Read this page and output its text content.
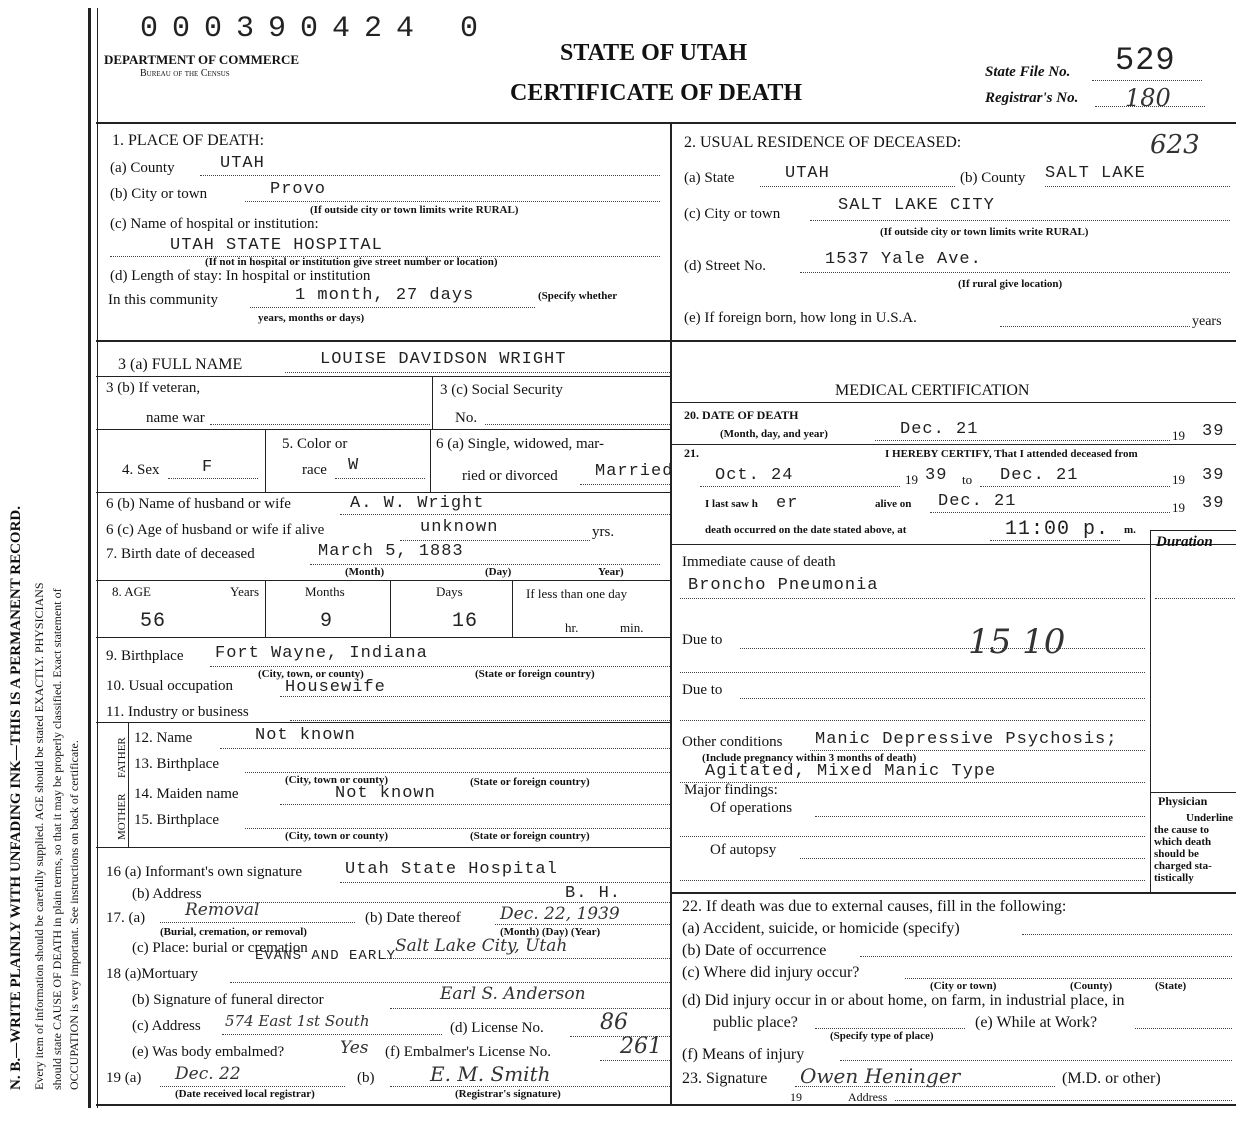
N. B.—WRITE PLAINLY WITH UNFADING INK—THIS IS A PERMANENT RECORD. Every item of information should be carefully supplied. AGE should be stated EXACTLY. PHYSICIANS should state CAUSE OF DEATH in plain terms, so that it may be properly classified. Exact statement of OCCUPATION is very important. See instructions on back of certificate.
000390424 0
DEPARTMENT OF COMMERCE
Bureau of the Census
STATE OF UTAH
CERTIFICATE OF DEATH
State File No. 529
Registrar's No. 180
1. PLACE OF DEATH:
(a) County	UTAH
(b) City or town	Provo
(If outside city or town limits write RURAL)
(c) Name of hospital or institution:
UTAH STATE HOSPITAL
(If not in hospital or institution give street number or location)
(d) Length of stay: In hospital or institution
In this community	1 month, 27 days	(Specify whether
years, months or days)
2. USUAL RESIDENCE OF DECEASED:	623
(a) State	UTAH	(b) County SALT LAKE
(c) City or town	SALT LAKE CITY
(If outside city or town limits write RURAL)
(d) Street No.	1537 Yale Ave.
(If rural give location)
(e) If foreign born, how long in U.S.A.	years
3 (a) FULL NAME	LOUISE DAVIDSON WRIGHT
MEDICAL CERTIFICATION
3 (b) If veteran,
name war
3 (c) Social Security
No.
4. Sex	F
5. Color or
race W
6 (a) Single, widowed, mar-
ried or divorced Married
6 (b) Name of husband or wife	A. W. Wright
6 (c) Age of husband or wife if alive	unknown	yrs.
7. Birth date of deceased	March 5, 1883
(Month)	(Day)	Year)
8. AGE	Years
56
Months
9
Days
16
If less than one day
hr.	min.
9. Birthplace Fort Wayne, Indiana
(City, town, or county)	(State or foreign country)
10. Usual occupation	Housewife
11. Industry or business
FATHER
MOTHER
12. Name	Not known
13. Birthplace
(City, town or county)	(State or foreign country)
14. Maiden name	Not known
15. Birthplace
(City, town or county)	(State or foreign country)
16 (a) Informant's own signature	Utah State Hospital
(b) Address	B. H.
17. (a) Removal
(Burial, cremation, or removal)
(b) Date thereof Dec. 22, 1939
(Month) (Day) (Year)
(c) Place: burial or cremation	Salt Lake City, Utah
EVANS AND EARLY
18 (a)Mortuary
(b) Signature of funeral director	Earl S. Anderson
(c) Address 574 East 1st South	(d) License No.	86
(e) Was body embalmed?	Yes (f) Embalmer's License No.	261
19 (a) Dec. 22
(Date received local registrar)
(b)	E. M. Smith
(Registrar's signature)
20. DATE OF DEATH
(Month, day, and year)	Dec. 21	19 39
21.	I HEREBY CERTIFY, That I attended deceased from
Oct. 24	19 39 to Dec. 21	19 39
I last saw h er	alive on Dec. 21	19 39
death occurred on the date stated above, at	11:00 p. m.
Duration
Immediate cause of death
Broncho Pneumonia
Due to	15 10
Due to
Other conditions Manic Depressive Psychosis;
(Include pregnancy within 3 months of death)
Agitated, Mixed Manic Type
Major findings:
Of operations
Of autopsy
Physician
Underline
the cause to
which death
should be
charged sta-
tistically
22. If death was due to external causes, fill in the following:
(a) Accident, suicide, or homicide (specify)
(b) Date of occurrence
(c) Where did injury occur?
(City or town)	(County)	(State)
(d) Did injury occur in or about home, on farm, in industrial place, in
public place?
(Specify type of place)
(e) While at Work?
(f) Means of injury
23. Signature Owen Heninger	(M.D. or other)
19	Address
